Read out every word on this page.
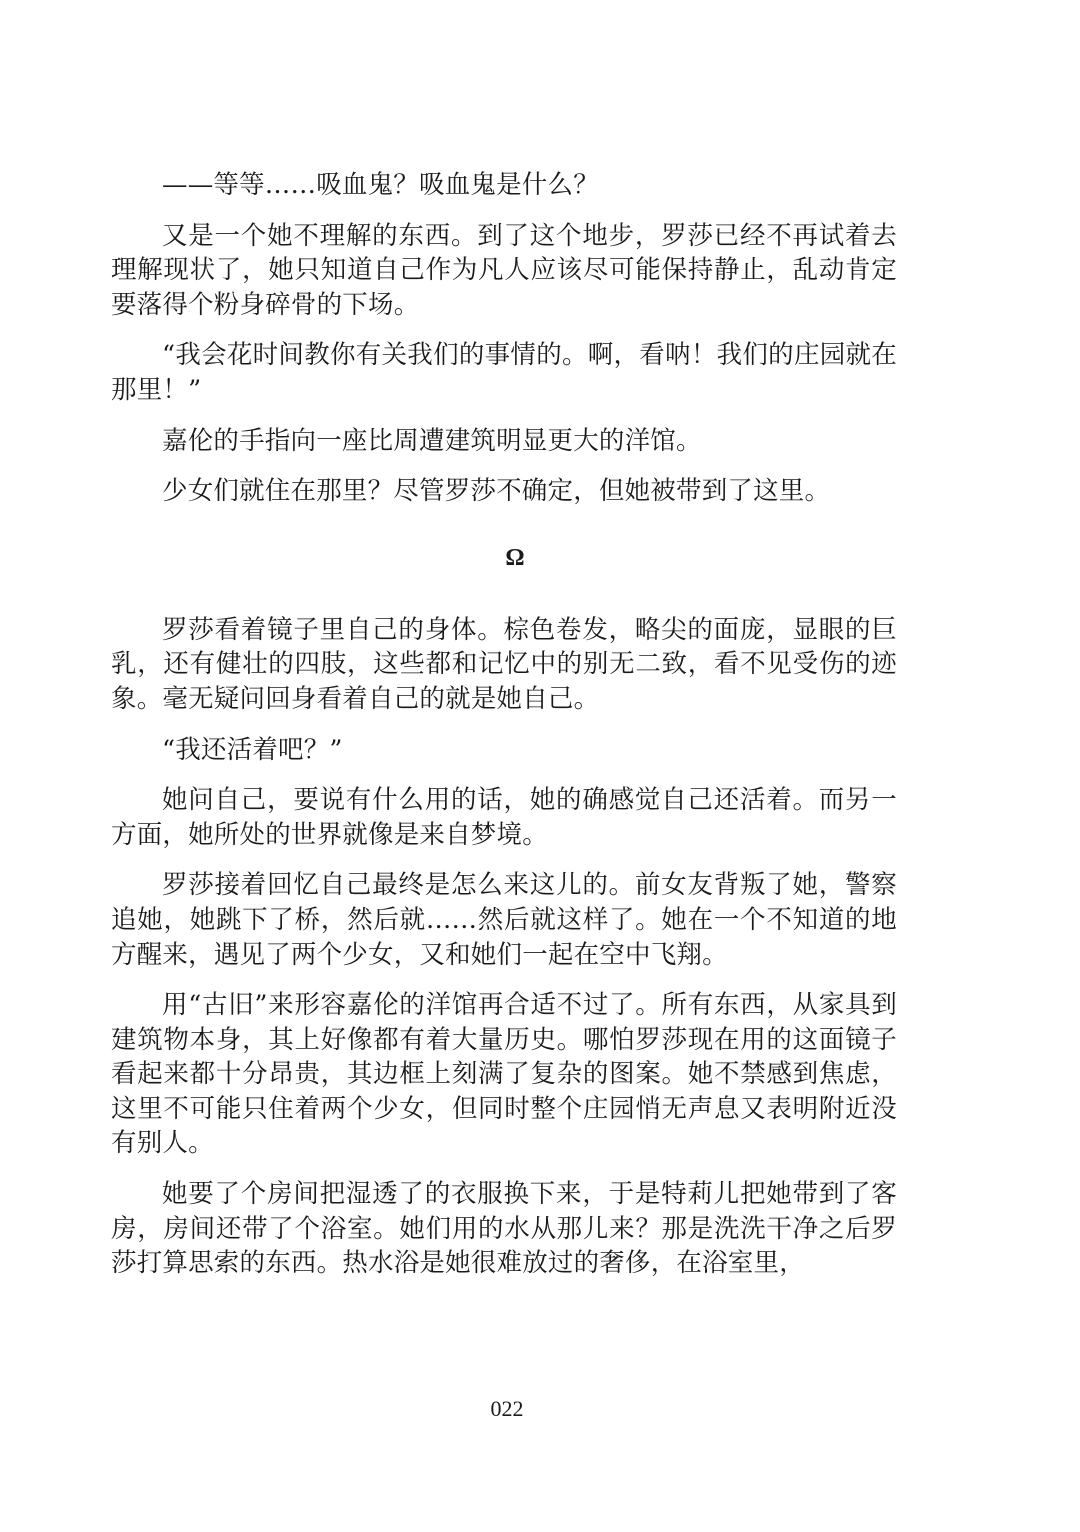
——等等……吸血鬼？吸血鬼是什么？

又是一个她不理解的东西。到了这个地步，罗莎已经不再试着去理解现状了，她只知道自己作为凡人应该尽可能保持静止，乱动肯定要落得个粉身碎骨的下场。

“我会花时间教你有关我们的事情的。啊，看呐！我们的庄园就在那里！”

嘉伦的手指向一座比周遭建筑明显更大的洋馆。

少女们就住在那里？尽管罗莎不确定，但她被带到了这里。

Ω

罗莎看着镜子里自己的身体。棕色卷发，略尖的面庞，显眼的巨乳，还有健壮的四肢，这些都和记忆中的别无二致，看不见受伤的迹象。毫无疑问回身看着自己的就是她自己。

“我还活着吧？”

她问自己，要说有什么用的话，她的确感觉自己还活着。而另一方面，她所处的世界就像是来自梦境。

罗莎接着回忆自己最终是怎么来这儿的。前女友背叛了她，警察追她，她跳下了桥，然后就……然后就这样了。她在一个不知道的地方醒来，遇见了两个少女，又和她们一起在空中飞翔。

用“古旧”来形容嘉伦的洋馆再合适不过了。所有东西，从家具到建筑物本身，其上好像都有着大量历史。哪怕罗莎现在用的这面镜子看起来都十分昂贵，其边框上刻满了复杂的图案。她不禁感到焦虑，这里不可能只住着两个少女，但同时整个庄园悄无声息又表明附近没有别人。

她要了个房间把湿透了的衣服换下来，于是特莉儿把她带到了客房，房间还带了个浴室。她们用的水从那儿来？那是洗洗干净之后罗莎打算思索的东西。热水浴是她很难放过的奢侈，在浴室里，

022
